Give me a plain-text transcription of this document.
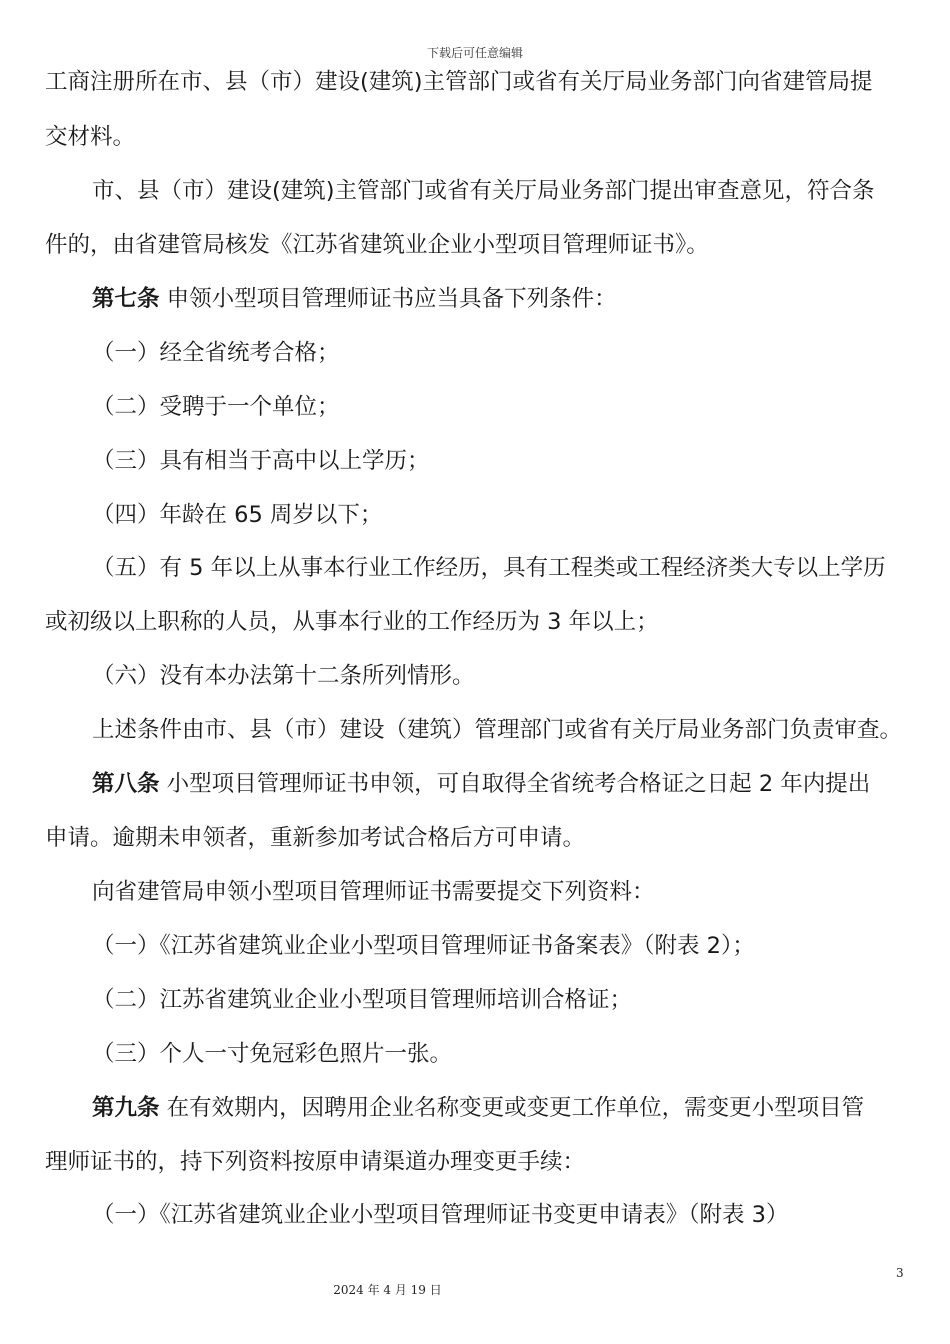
下载后可任意编辑
工商注册所在市、县（市）建设(建筑)主管部门或省有关厅局业务部门向省建管局提
交材料。
市、县（市）建设(建筑)主管部门或省有关厅局业务部门提出审查意见，符合条
件的，由省建管局核发《江苏省建筑业企业小型项目管理师证书》。
第七条 申领小型项目管理师证书应当具备下列条件：
（一）经全省统考合格；
（二）受聘于一个单位；
（三）具有相当于高中以上学历；
（四）年龄在 65 周岁以下；
（五）有 5 年以上从事本行业工作经历，具有工程类或工程经济类大专以上学历
或初级以上职称的人员，从事本行业的工作经历为 3 年以上；
（六）没有本办法第十二条所列情形。
上述条件由市、县（市）建设（建筑）管理部门或省有关厅局业务部门负责审查。
第八条 小型项目管理师证书申领，可自取得全省统考合格证之日起 2 年内提出
申请。逾期未申领者，重新参加考试合格后方可申请。
向省建管局申领小型项目管理师证书需要提交下列资料：
（一）《江苏省建筑业企业小型项目管理师证书备案表》（附表 2）；
（二）江苏省建筑业企业小型项目管理师培训合格证；
（三）个人一寸免冠彩色照片一张。
第九条 在有效期内，因聘用企业名称变更或变更工作单位，需变更小型项目管
理师证书的，持下列资料按原申请渠道办理变更手续：
（一）《江苏省建筑业企业小型项目管理师证书变更申请表》（附表 3）
3
2024 年 4 月 19 日
